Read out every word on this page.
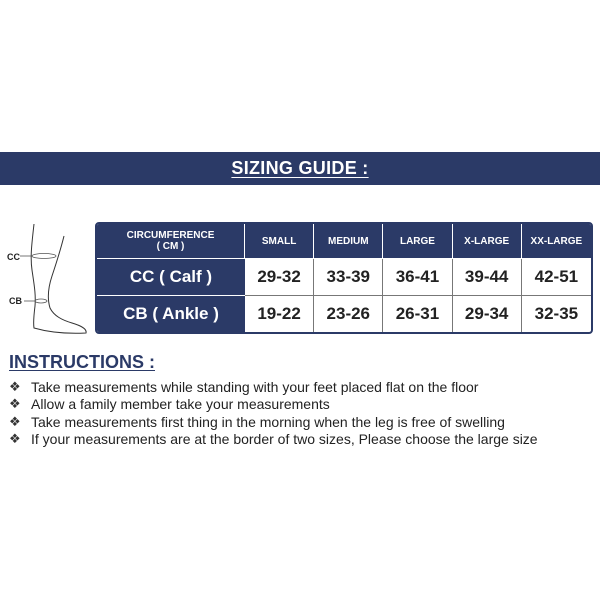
SIZING GUIDE :
CC
CB
CIRCUMFERENCE
( CM )	SMALL	MEDIUM	LARGE	X-LARGE	XX-LARGE
CC ( Calf )	29-32	33-39	36-41	39-44	42-51
CB ( Ankle )	19-22	23-26	26-31	29-34	32-35
INSTRUCTIONS :
❖ Take measurements while standing with your feet placed flat on the floor
❖ Allow a family member take your measurements
❖ Take measurements first thing in the morning when the leg is free of swelling
❖ If your measurements are at the border of two sizes, Please choose the large size
